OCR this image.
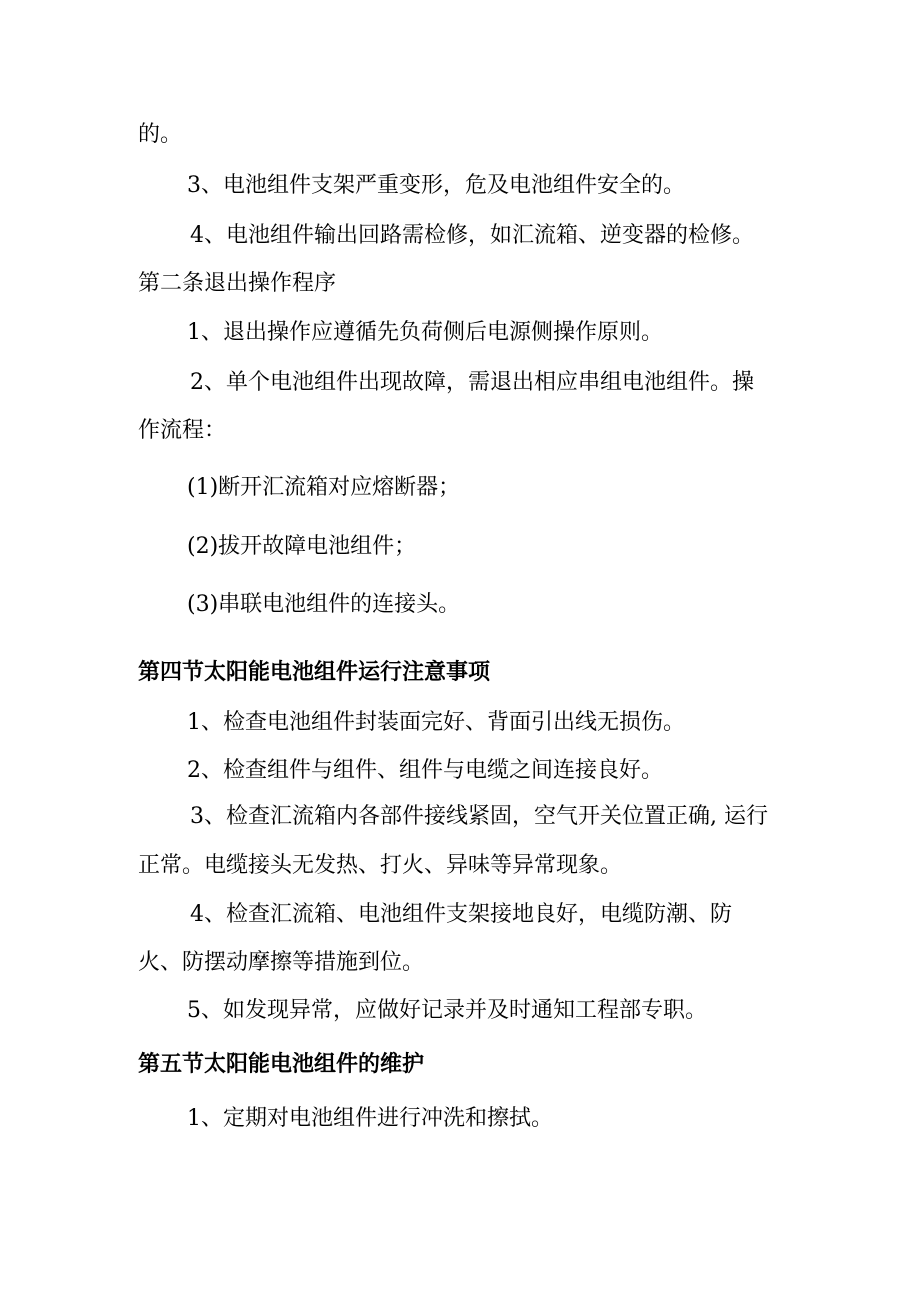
的。

3、电池组件支架严重变形，危及电池组件安全的。

4、电池组件输出回路需检修，如汇流箱、逆变器的检修。

第二条退出操作程序

1、退出操作应遵循先负荷侧后电源侧操作原则。

2、单个电池组件出现故障，需退出相应串组电池组件。操

作流程：

(1)断开汇流箱对应熔断器；

(2)拔开故障电池组件；

(3)串联电池组件的连接头。

第四节太阳能电池组件运行注意事项

1、检查电池组件封装面完好、背面引出线无损伤。

2、检查组件与组件、组件与电缆之间连接良好。

3、检查汇流箱内各部件接线紧固，空气开关位置正确, 运行

正常。电缆接头无发热、打火、异味等异常现象。

4、检查汇流箱、电池组件支架接地良好，电缆防潮、防

火、防摆动摩擦等措施到位。

5、如发现异常，应做好记录并及时通知工程部专职。

第五节太阳能电池组件的维护

1、定期对电池组件进行冲洗和擦拭。
